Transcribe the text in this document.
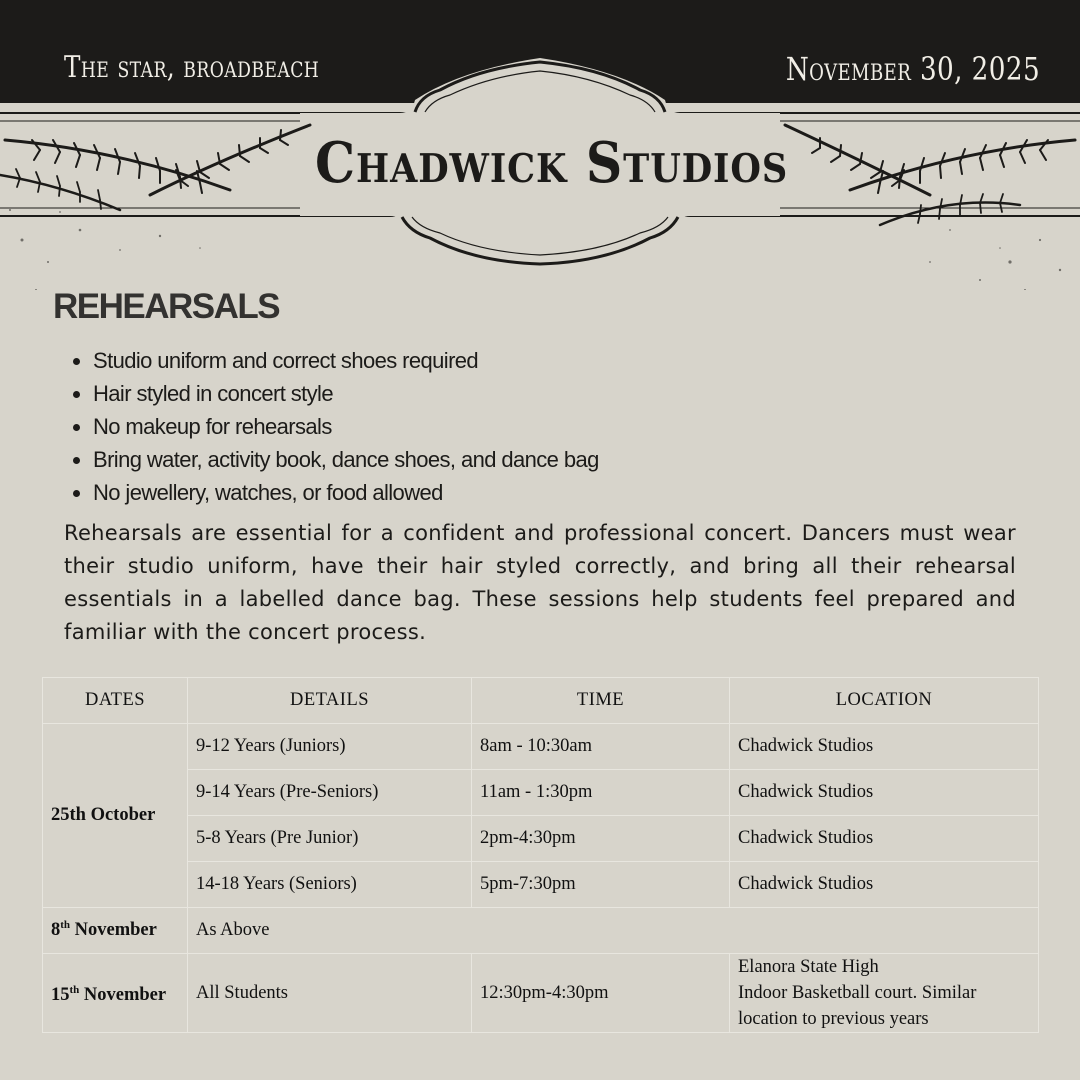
The star, broadbeach	November 30, 2025
Chadwick Studios
REHEARSALS
• Studio uniform and correct shoes required
• Hair styled in concert style
• No makeup for rehearsals
• Bring water, activity book, dance shoes, and dance bag
• No jewellery, watches, or food allowed

Rehearsals are essential for a confident and professional concert. Dancers must wear their studio uniform, have their hair styled correctly, and bring all their rehearsal essentials in a labelled dance bag. These sessions help students feel prepared and familiar with the concert process.

DATES	DETAILS	TIME	LOCATION
25th October	9-12 Years (Juniors)	8am - 10:30am	Chadwick Studios
	9-14 Years (Pre-Seniors)	11am - 1:30pm	Chadwick Studios
	5-8 Years (Pre Junior)	2pm-4:30pm	Chadwick Studios
	14-18 Years (Seniors)	5pm-7:30pm	Chadwick Studios
8th November	As Above		
15th November	All Students	12:30pm-4:30pm	Elanora State High
Indoor Basketball court. Similar
location to previous years
